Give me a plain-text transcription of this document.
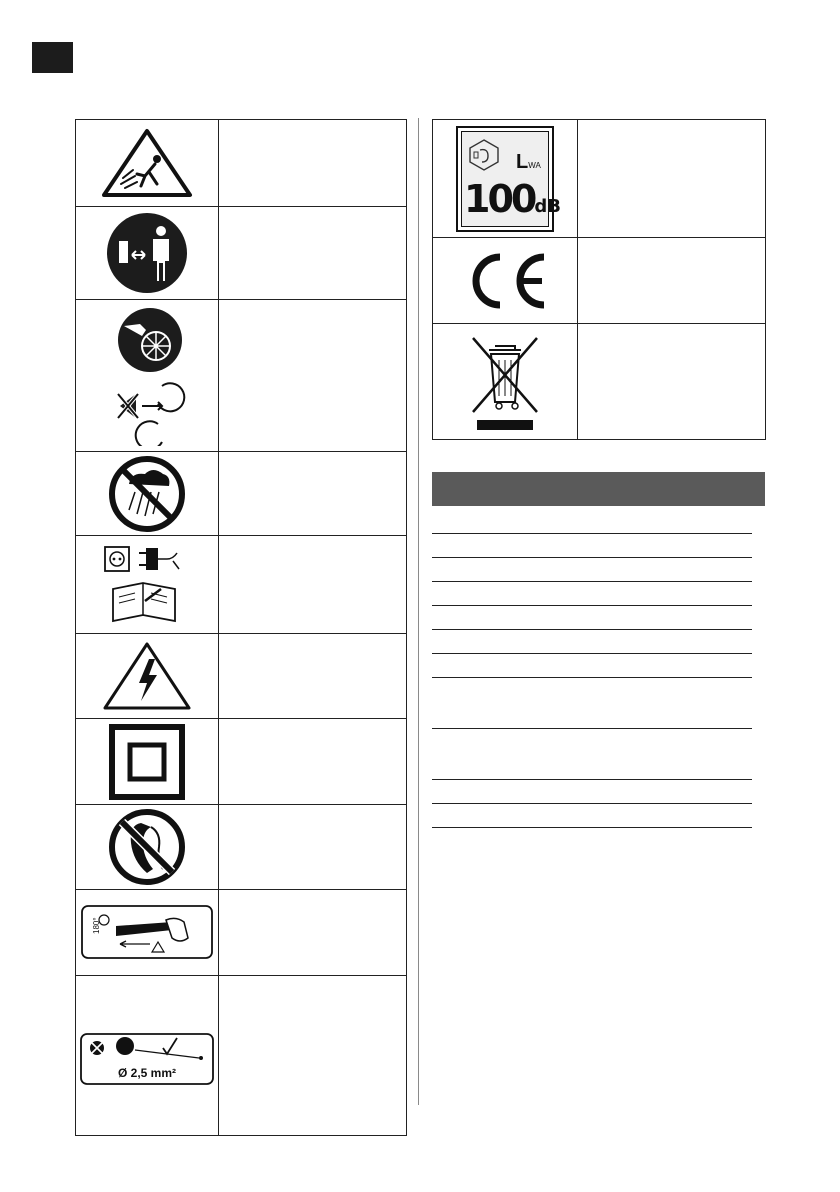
180°	

Ø 2,5 mm²	

LWA
100dB	
